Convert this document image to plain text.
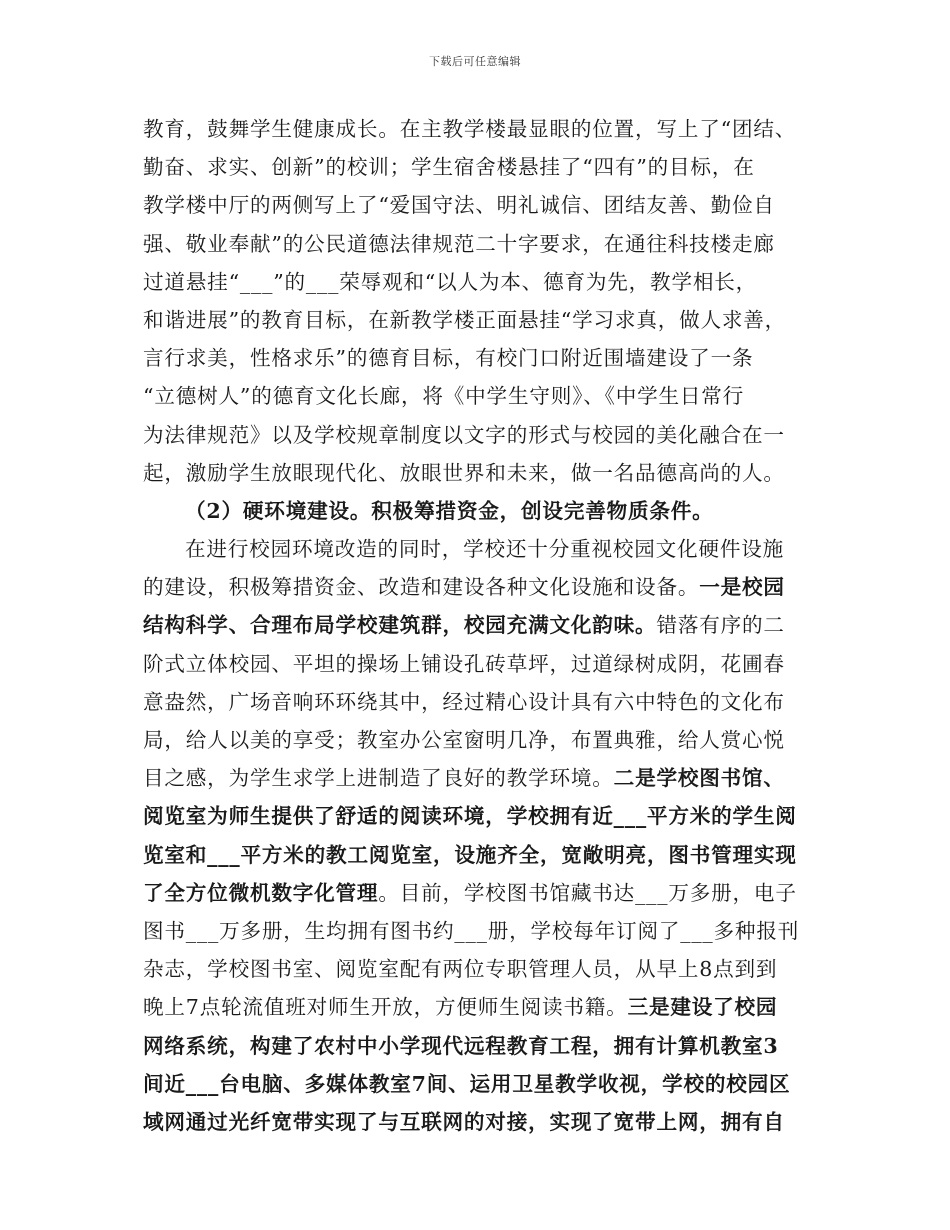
下载后可任意编辑
教育，鼓舞学生健康成长。在主教学楼最显眼的位置，写上了“团结、
勤奋、求实、创新”的校训；学生宿舍楼悬挂了“四有”的目标，在
教学楼中厅的两侧写上了“爱国守法、明礼诚信、团结友善、勤俭自
强、敬业奉献”的公民道德法律规范二十字要求，在通往科技楼走廊
过道悬挂“___”的___荣辱观和“以人为本、德育为先，教学相长，
和谐进展”的教育目标，在新教学楼正面悬挂“学习求真，做人求善，
言行求美，性格求乐”的德育目标，有校门口附近围墙建设了一条
“立德树人”的德育文化长廊，将《中学生守则》、《中学生日常行
为法律规范》以及学校规章制度以文字的形式与校园的美化融合在一
起，激励学生放眼现代化、放眼世界和未来，做一名品德高尚的人。
（2）硬环境建设。积极筹措资金，创设完善物质条件。
在进行校园环境改造的同时，学校还十分重视校园文化硬件设施
的建设，积极筹措资金、改造和建设各种文化设施和设备。一是校园
结构科学、合理布局学校建筑群，校园充满文化韵味。错落有序的二
阶式立体校园、平坦的操场上铺设孔砖草坪，过道绿树成阴，花圃春
意盎然，广场音响环环绕其中，经过精心设计具有六中特色的文化布
局，给人以美的享受；教室办公室窗明几净，布置典雅，给人赏心悦
目之感，为学生求学上进制造了良好的教学环境。二是学校图书馆、
阅览室为师生提供了舒适的阅读环境，学校拥有近___平方米的学生阅
览室和___平方米的教工阅览室，设施齐全，宽敞明亮，图书管理实现
了全方位微机数字化管理。目前，学校图书馆藏书达___万多册，电子
图书___万多册，生均拥有图书约___册，学校每年订阅了___多种报刊
杂志，学校图书室、阅览室配有两位专职管理人员，从早上8点到到
晚上7点轮流值班对师生开放，方便师生阅读书籍。三是建设了校园
网络系统，构建了农村中小学现代远程教育工程，拥有计算机教室3
间近___台电脑、多媒体教室7间、运用卫星教学收视，学校的校园区
域网通过光纤宽带实现了与互联网的对接，实现了宽带上网，拥有自
